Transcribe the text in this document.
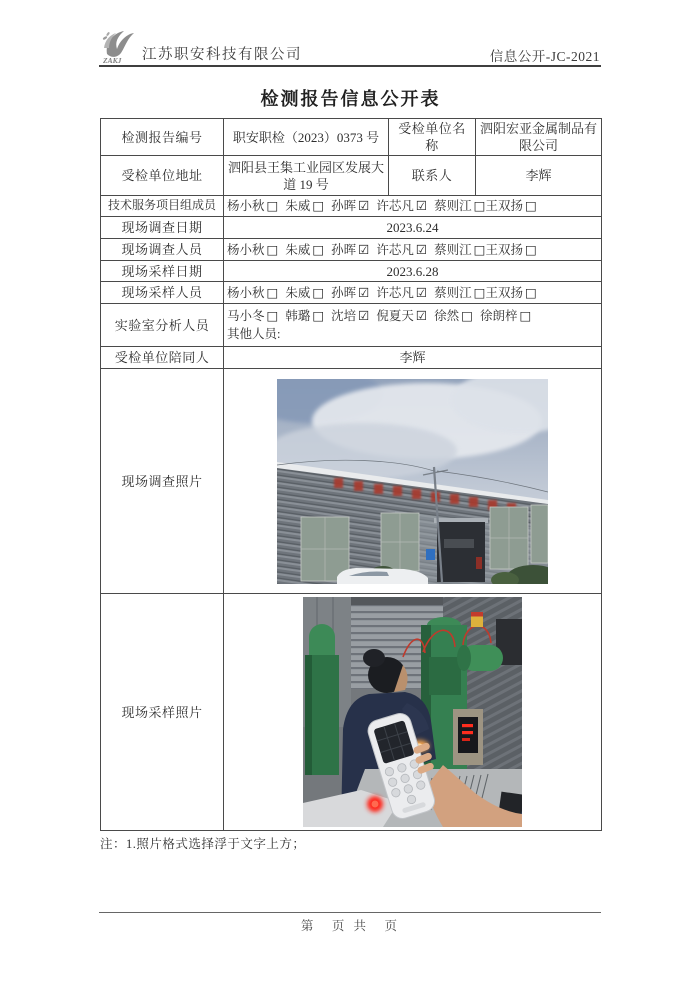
ZAKJ 江苏职安科技有限公司	信息公开-JC-2021
检测报告信息公开表
检测报告编号	职安职检（2023）0373 号	受检单位名称	泗阳宏亚金属制品有限公司
受检单位地址	泗阳县王集工业园区发展大道 19 号	联系人	李辉
技术服务项目组成员	杨小秋 □ 朱威 □ 孙晖 ☑ 许芯凡 ☑ 蔡则江 □王双扬 □		
现场调查日期	2023.6.24		
现场调查人员	杨小秋 □ 朱威 □ 孙晖 ☑ 许芯凡 ☑ 蔡则江 □王双扬 □		
现场采样日期	2023.6.28		
现场采样人员	杨小秋 □ 朱威 □ 孙晖 ☑ 许芯凡 ☑ 蔡则江 □王双扬 □		
实验室分析人员	马小冬 □ 韩璐 □ 沈培 ☑ 倪夏天 ☑ 徐然 □ 徐朗梓 □
其他人员:		

受检单位陪同人	李辉		
现场调查照片	
现场采样照片	
注：1.照片格式选择浮于文字上方；
第　页 共　页
